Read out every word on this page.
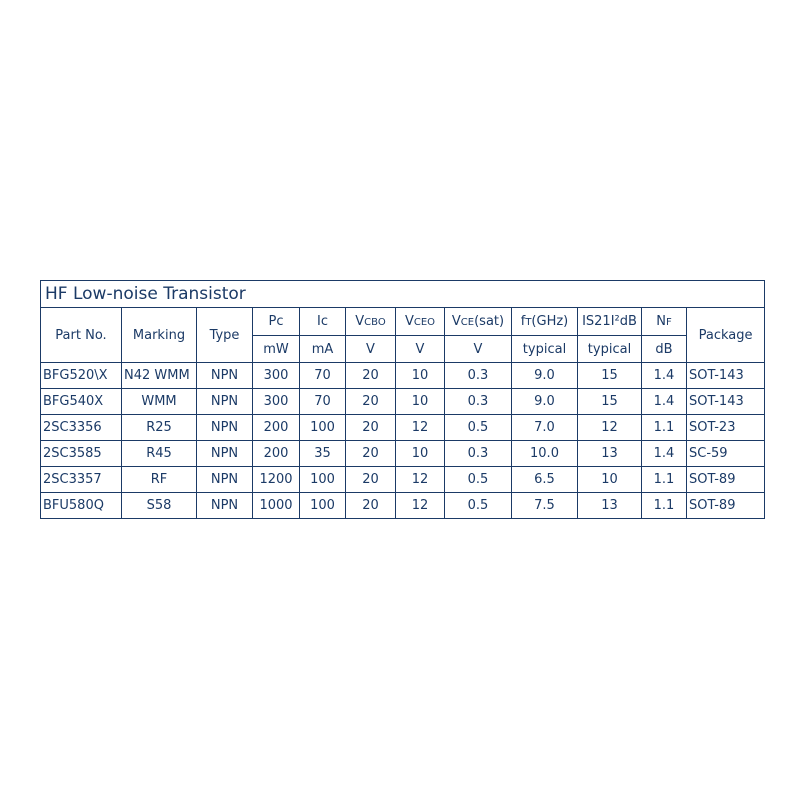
HF Low-noise Transistor											
Part No.	Marking	Type	Pc	Ic	VCBO	VCEO	VCE(sat)	fT(GHz)	IS21I²dB	NF	Package
			mW	mA	V	V	V	typical	typical	dB	
BFG520\X	N42 WMM	NPN	300	70	20	10	0.3	9.0	15	1.4	SOT-143
BFG540X	WMM	NPN	300	70	20	10	0.3	9.0	15	1.4	SOT-143
2SC3356	R25	NPN	200	100	20	12	0.5	7.0	12	1.1	SOT-23
2SC3585	R45	NPN	200	35	20	10	0.3	10.0	13	1.4	SC-59
2SC3357	RF	NPN	1200	100	20	12	0.5	6.5	10	1.1	SOT-89
BFU580Q	S58	NPN	1000	100	20	12	0.5	7.5	13	1.1	SOT-89
